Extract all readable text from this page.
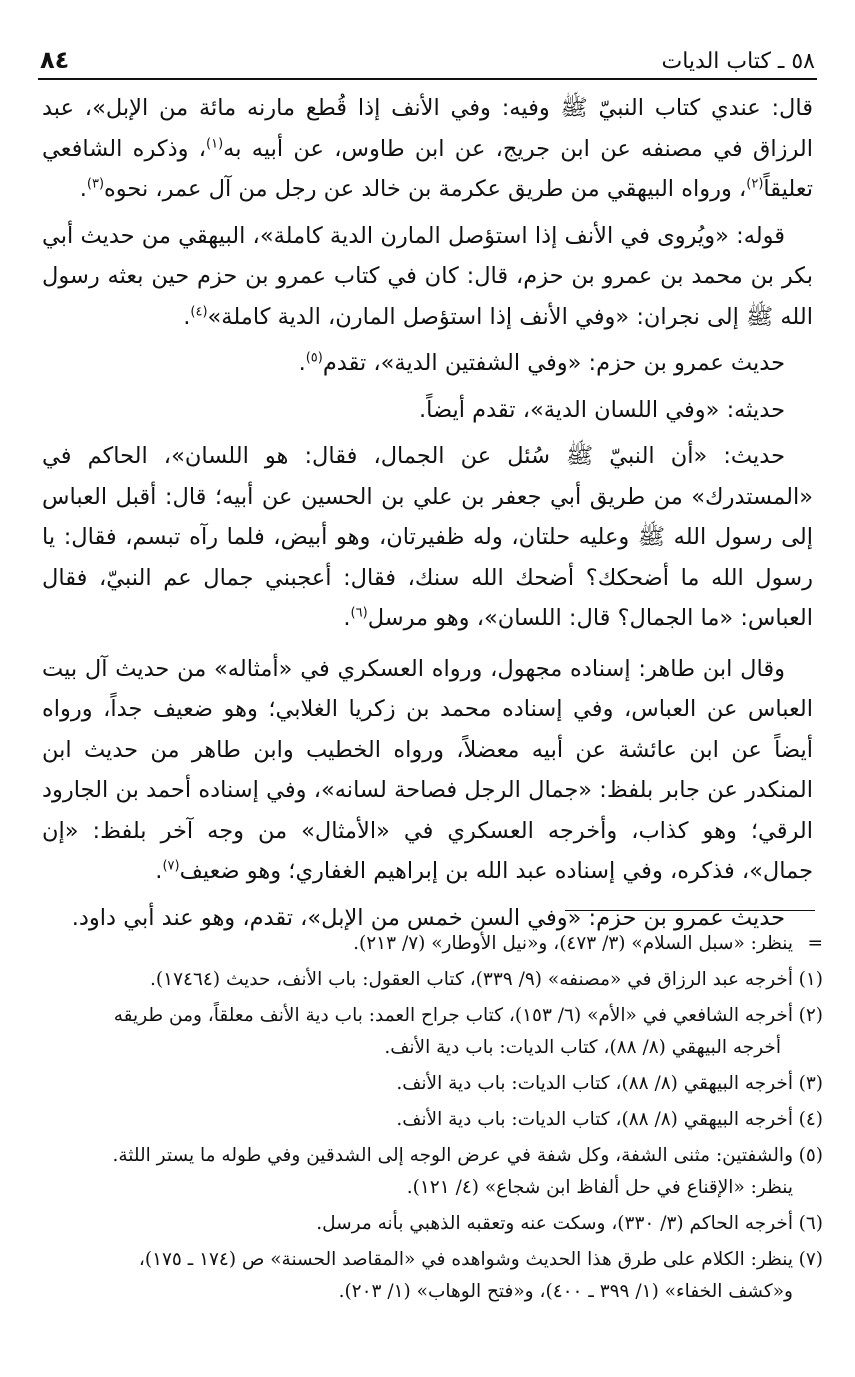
٥٨ ـ كتاب الديات
٨٤

قال: عندي كتاب النبيّ ﷺ وفيه: وفي الأنف إذا قُطع مارنه مائة من الإبل»، عبد الرزاق في مصنفه عن ابن جريج، عن ابن طاوس، عن أبيه به$^{(١)}$، وذكره الشافعي تعليقاً$^{(٢)}$، ورواه البيهقي من طريق عكرمة بن خالد عن رجل من آل عمر، نحوه$^{(٣)}$.

قوله: «ويُروى في الأنف إذا استؤصل المارن الدية كاملة»، البيهقي من حديث أبي بكر بن محمد بن عمرو بن حزم، قال: كان في كتاب عمرو بن حزم حين بعثه رسول الله ﷺ إلى نجران: «وفي الأنف إذا استؤصل المارن، الدية كاملة»$^{(٤)}$.

حديث عمرو بن حزم: «وفي الشفتين الدية»، تقدم$^{(٥)}$.

حديثه: «وفي اللسان الدية»، تقدم أيضاً.

حديث: «أن النبيّ ﷺ سُئل عن الجمال، فقال: هو اللسان»، الحاكم في «المستدرك» من طريق أبي جعفر بن علي بن الحسين عن أبيه؛ قال: أقبل العباس إلى رسول الله ﷺ وعليه حلتان، وله ظفيرتان، وهو أبيض، فلما رآه تبسم، فقال: يا رسول الله ما أضحكك؟ أضحك الله سنك، فقال: أعجبني جمال عم النبيّ، فقال العباس: «ما الجمال؟ قال: اللسان»، وهو مرسل$^{(٦)}$.

وقال ابن طاهر: إسناده مجهول، ورواه العسكري في «أمثاله» من حديث آل بيت العباس عن العباس، وفي إسناده محمد بن زكريا الغلابي؛ وهو ضعيف جداً، ورواه أيضاً عن ابن عائشة عن أبيه معضلاً، ورواه الخطيب وابن طاهر من حديث ابن المنكدر عن جابر بلفظ: «جمال الرجل فصاحة لسانه»، وفي إسناده أحمد بن الجارود الرقي؛ وهو كذاب، وأخرجه العسكري في «الأمثال» من وجه آخر بلفظ: «إن جمال»، فذكره، وفي إسناده عبد الله بن إبراهيم الغفاري؛ وهو ضعيف$^{(٧)}$.

حديث عمرو بن حزم: «وفي السن خمس من الإبل»، تقدم، وهو عند أبي داود.

=
ينظر: «سبل السلام» (٣/ ٤٧٣)، و«نيل الأوطار» (٧/ ٢١٣).
(١)
أخرجه عبد الرزاق في «مصنفه» (٩/ ٣٣٩)، كتاب العقول: باب الأنف، حديث (١٧٤٦٤).
(٢)
أخرجه الشافعي في «الأم» (٦/ ١٥٣)، كتاب جراح العمد: باب دية الأنف معلقاً، ومن طريقه
أخرجه البيهقي (٨/ ٨٨)، كتاب الديات: باب دية الأنف.
(٣)
أخرجه البيهقي (٨/ ٨٨)، كتاب الديات: باب دية الأنف.
(٤)
أخرجه البيهقي (٨/ ٨٨)، كتاب الديات: باب دية الأنف.
(٥)
والشفتين: مثنى الشفة، وكل شفة في عرض الوجه إلى الشدقين وفي طوله ما يستر اللثة.
ينظر: «الإقناع في حل ألفاظ ابن شجاع» (٤/ ١٢١).
(٦)
أخرجه الحاكم (٣/ ٣٣٠)، وسكت عنه وتعقبه الذهبي بأنه مرسل.
(٧)
ينظر: الكلام على طرق هذا الحديث وشواهده في «المقاصد الحسنة» ص (١٧٤ ـ ١٧٥)،
و«كشف الخفاء» (١/ ٣٩٩ ـ ٤٠٠)، و«فتح الوهاب» (١/ ٢٠٣).
